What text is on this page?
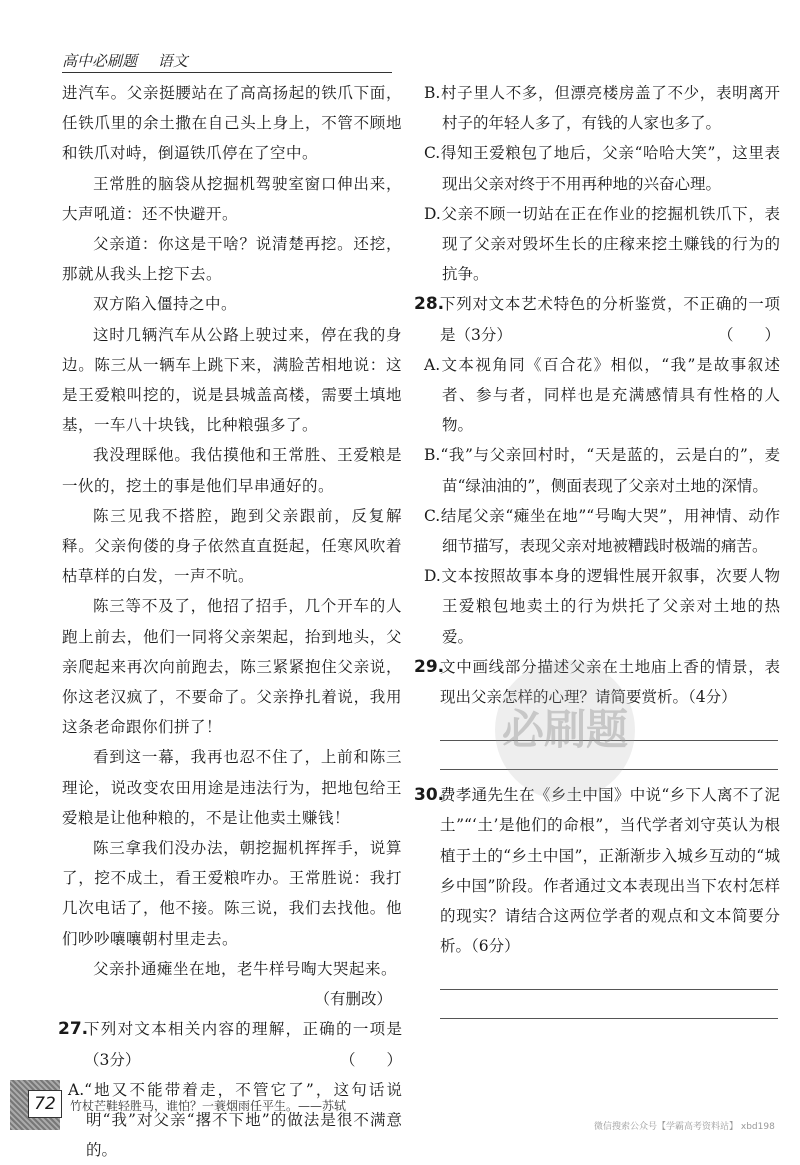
高中必刷题 语文

进汽车。父亲挺腰站在了高高扬起的铁爪下面，任铁爪里的余土撒在自己头上身上，不管不顾地和铁爪对峙，倒逼铁爪停在了空中。

王常胜的脑袋从挖掘机驾驶室窗口伸出来，大声吼道：还不快避开。

父亲道：你这是干啥？说清楚再挖。还挖，那就从我头上挖下去。

双方陷入僵持之中。

这时几辆汽车从公路上驶过来，停在我的身边。陈三从一辆车上跳下来，满脸苦相地说：这是王爱粮叫挖的，说是县城盖高楼，需要土填地基，一车八十块钱，比种粮强多了。

我没理睬他。我估摸他和王常胜、王爱粮是一伙的，挖土的事是他们早串通好的。

陈三见我不搭腔，跑到父亲跟前，反复解释。父亲佝偻的身子依然直直挺起，任寒风吹着枯草样的白发，一声不吭。

陈三等不及了，他招了招手，几个开车的人跑上前去，他们一同将父亲架起，抬到地头，父亲爬起来再次向前跑去，陈三紧紧抱住父亲说，你这老汉疯了，不要命了。父亲挣扎着说，我用这条老命跟你们拼了！

看到这一幕，我再也忍不住了，上前和陈三理论，说改变农田用途是违法行为，把地包给王爱粮是让他种粮的，不是让他卖土赚钱！

陈三拿我们没办法，朝挖掘机挥挥手，说算了，挖不成土，看王爱粮咋办。王常胜说：我打几次电话了，他不接。陈三说，我们去找他。他们吵吵嚷嚷朝村里走去。

父亲扑通瘫坐在地，老牛样号啕大哭起来。

（有删改）

27.
下列对文本相关内容的理解，正确的一项是（3分）	（　　）

A.“地又不能带着走，不管它了”，这句话说明“我”对父亲“撂不下地”的做法是很不满意的。

B.村子里人不多，但漂亮楼房盖了不少，表明离开村子的年轻人多了，有钱的人家也多了。

C.得知王爱粮包了地后，父亲“哈哈大笑”，这里表现出父亲对终于不用再种地的兴奋心理。

D.父亲不顾一切站在正在作业的挖掘机铁爪下，表现了父亲对毁坏生长的庄稼来挖土赚钱的行为的抗争。

28.
下列对文本艺术特色的分析鉴赏，不正确的一项是（3分）	（　　）

A.文本视角同《百合花》相似，“我”是故事叙述者、参与者，同样也是充满感情具有性格的人物。

B.“我”与父亲回村时，“天是蓝的，云是白的”，麦苗“绿油油的”，侧面表现了父亲对土地的深情。

C.结尾父亲“瘫坐在地”“号啕大哭”，用神情、动作细节描写，表现父亲对地被糟践时极端的痛苦。

D.文本按照故事本身的逻辑性展开叙事，次要人物王爱粮包地卖土的行为烘托了父亲对土地的热爱。

29.
文中画线部分描述父亲在土地庙上香的情景，表现出父亲怎样的心理？请简要赏析。（4分）
30.
费孝通先生在《乡土中国》中说“乡下人离不了泥土”“‘土’是他们的命根”，当代学者刘守英认为根植于土的“乡土中国”，正渐渐步入城乡互动的“城乡中国”阶段。作者通过文本表现出当下农村怎样的现实？请结合这两位学者的观点和文本简要分析。（6分）
必刷题
72	竹杖芒鞋轻胜马，谁怕？一蓑烟雨任平生。——苏轼
微信搜索公众号【学霸高考资料站】 xbd198
